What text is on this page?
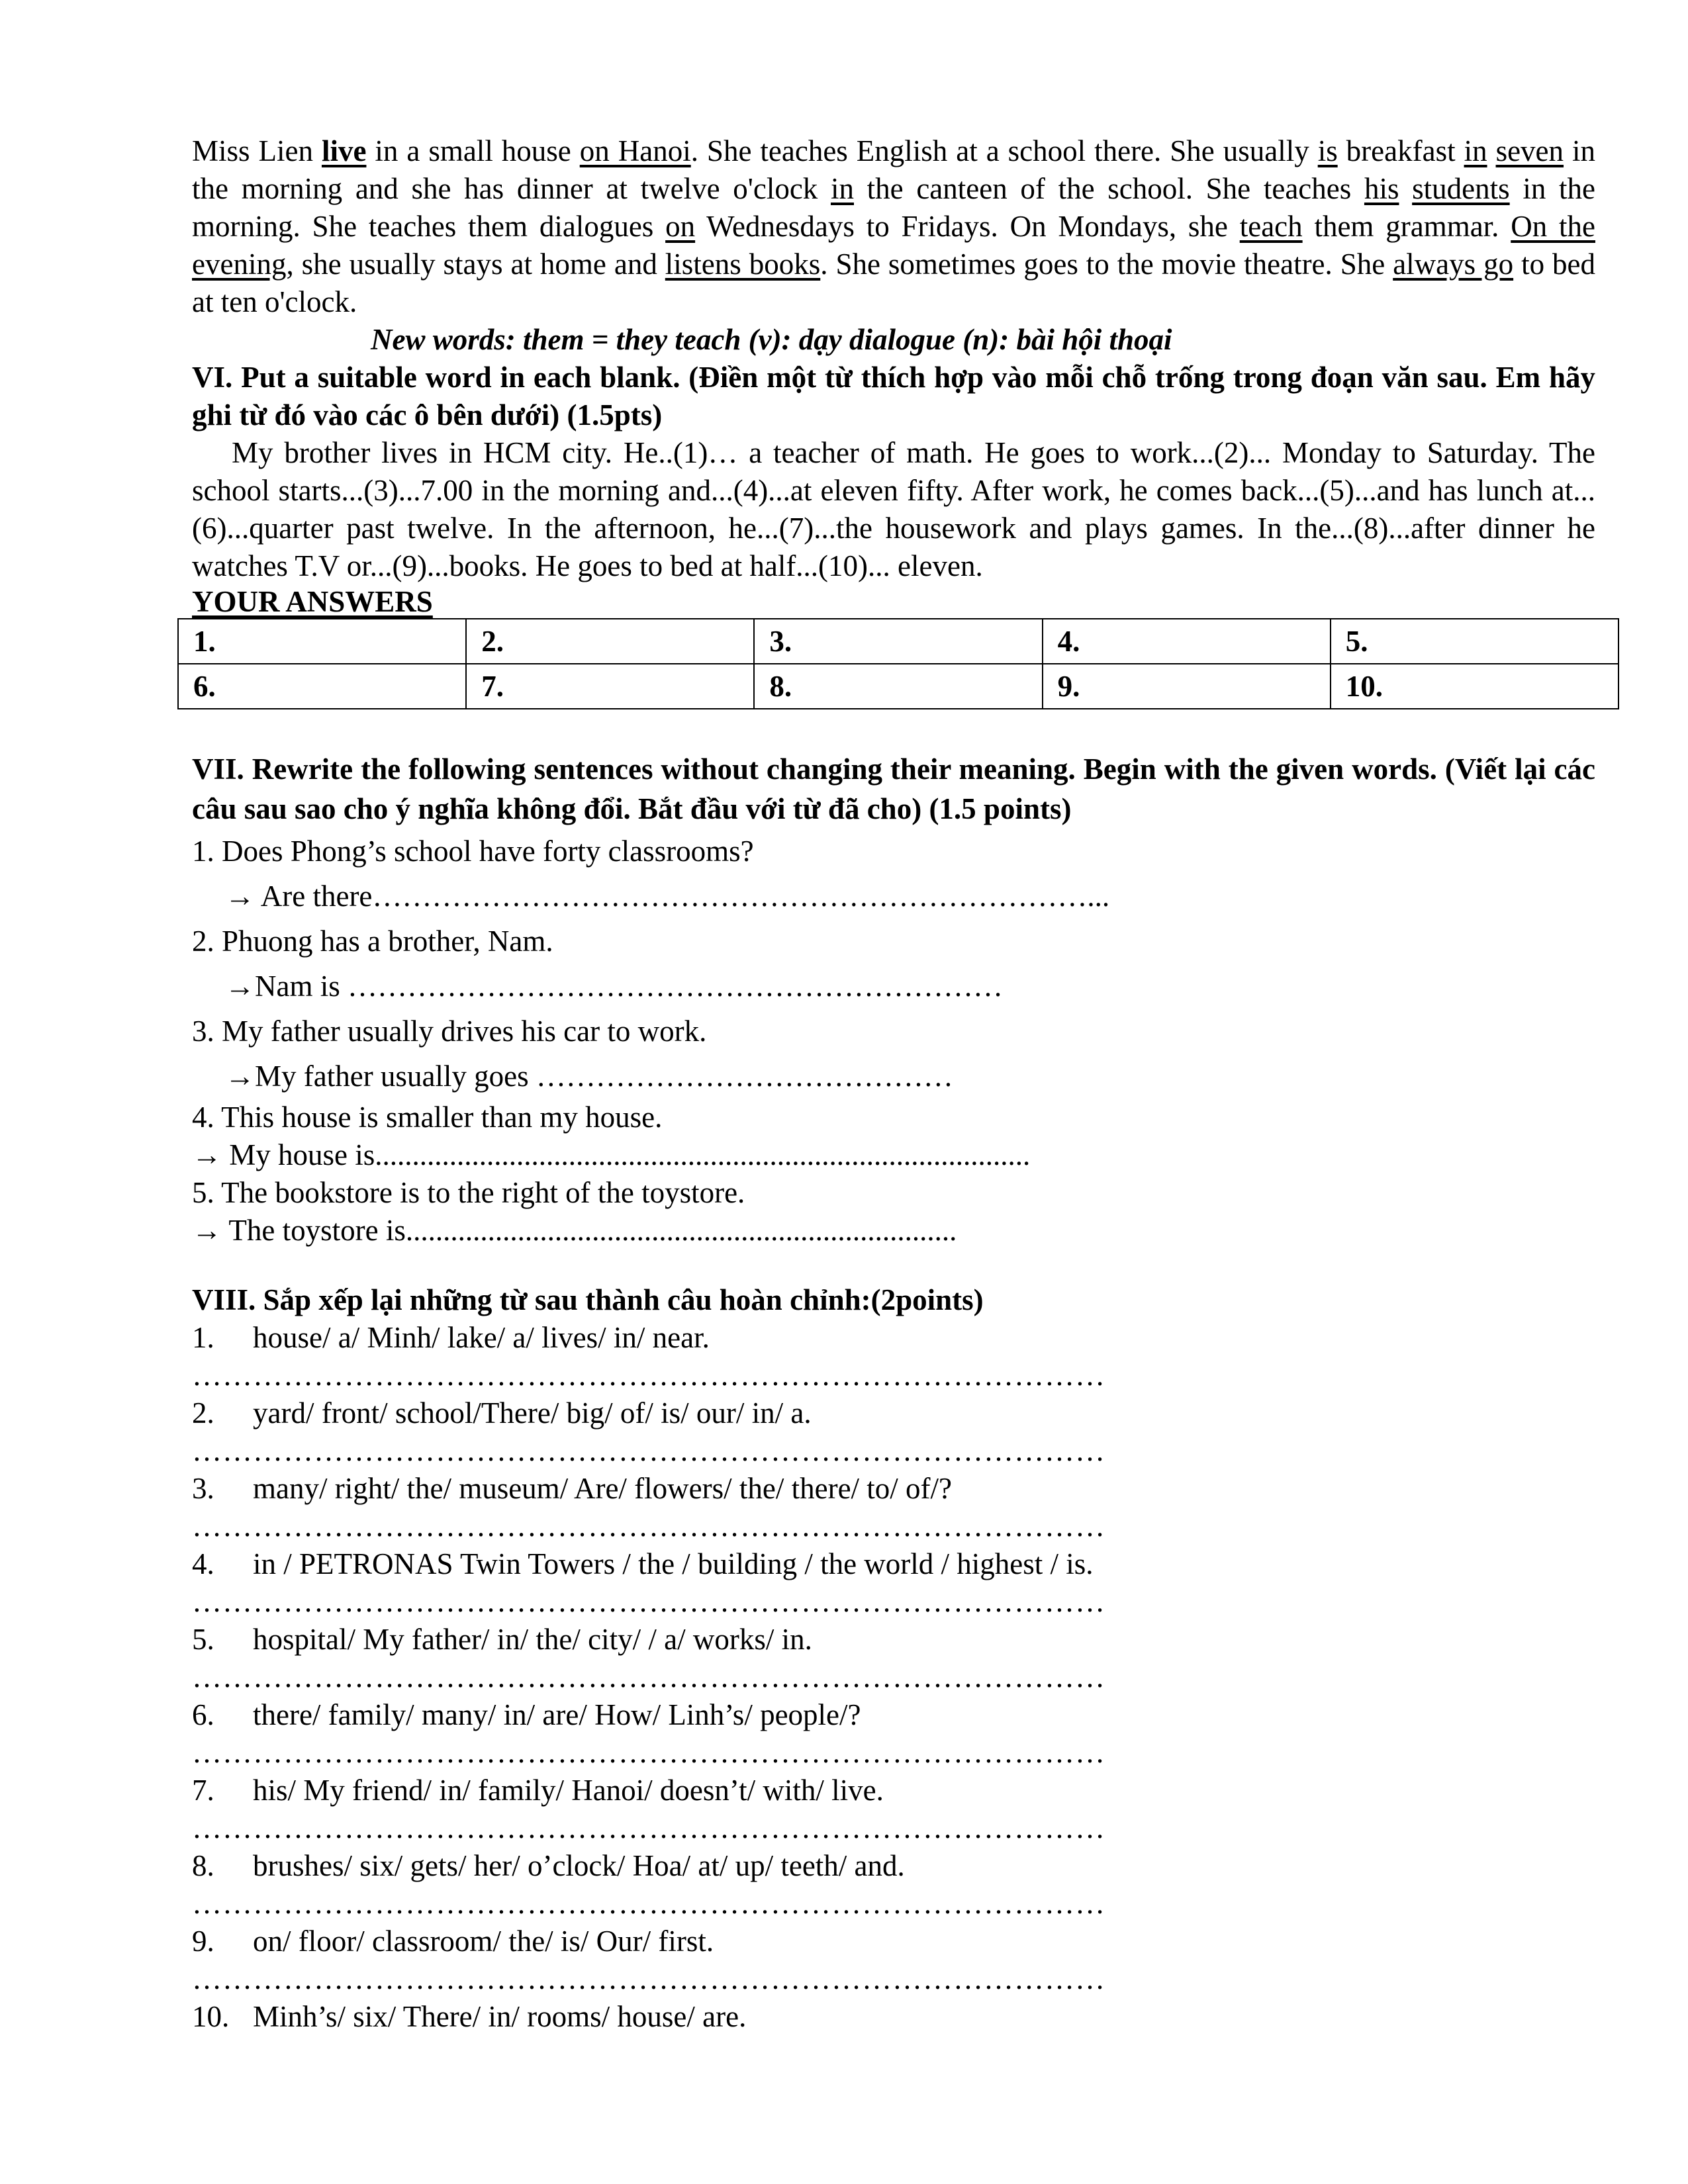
Miss Lien live in a small house on Hanoi. She teaches English at a school there. She usually is breakfast in seven in the morning and she has dinner at twelve o'clock in the canteen of the school. She teaches his students in the morning. She teaches them dialogues on Wednesdays to Fridays. On Mondays, she teach them grammar. On the evening, she usually stays at home and listens books. She sometimes goes to the movie theatre. She always go to bed at ten o'clock.
New words: them = they teach (v): dạy dialogue (n): bài hội thoại
VI. Put a suitable word in each blank. (Điền một từ thích hợp vào mỗi chỗ trống trong đoạn văn sau. Em hãy ghi từ đó vào các ô bên dưới) (1.5pts)
My brother lives in HCM city. He..(1)… a teacher of math. He goes to work...(2)... Monday to Saturday. The school starts...(3)...7.00 in the morning and...(4)...at eleven fifty. After work, he comes back...(5)...and has lunch at...(6)...quarter past twelve. In the afternoon, he...(7)...the housework and plays games. In the...(8)...after dinner he watches T.V or...(9)...books. He goes to bed at half...(10)... eleven.
YOUR ANSWERS
1.	2.	3.	4.	5.
6.	7.	8.	9.	10.
VII. Rewrite the following sentences without changing their meaning. Begin with the given words. (Viết lại các câu sau sao cho ý nghĩa không đổi. Bắt đầu với từ đã cho) (1.5 points)
1. Does Phong’s school have forty classrooms?
→ Are there………………………………………………………………...
2. Phuong has a brother, Nam.
→Nam is …………………………………………………………
3. My father usually drives his car to work.
→My father usually goes ……………………………………
4. This house is smaller than my house.
→ My house is........................................................................................
5. The bookstore is to the right of the toystore.
→ The toystore is..........................................................................
VIII. Sắp xếp lại những từ sau thành câu hoàn chỉnh:(2points)
1.	house/ a/ Minh/ lake/ a/ lives/ in/ near.
………………………………………………………………………………
2.	yard/ front/ school/There/ big/ of/ is/ our/ in/ a.
………………………………………………………………………………
3.	many/ right/ the/ museum/ Are/ flowers/ the/ there/ to/ of/?
………………………………………………………………………………
4.	in / PETRONAS Twin Towers / the / building / the world / highest / is.
………………………………………………………………………………
5.	hospital/ My father/ in/ the/ city/ / a/ works/ in.
………………………………………………………………………………
6.	there/ family/ many/ in/ are/ How/ Linh’s/ people/?
………………………………………………………………………………
7.	his/ My friend/ in/ family/ Hanoi/ doesn’t/ with/ live.
………………………………………………………………………………
8.	brushes/ six/ gets/ her/ o’clock/ Hoa/ at/ up/ teeth/ and.
………………………………………………………………………………
9.	on/ floor/ classroom/ the/ is/ Our/ first.
………………………………………………………………………………
10. Minh’s/ six/ There/ in/ rooms/ house/ are.
